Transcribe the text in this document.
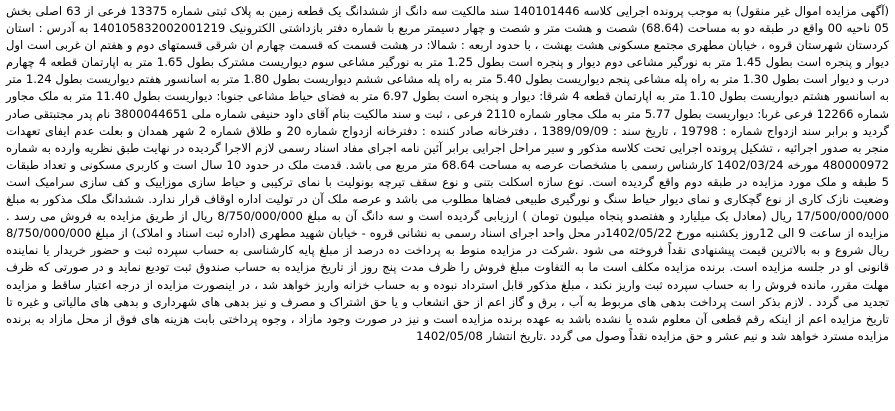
(آگهی مزایده اموال غیر منقول) به موجب پرونده اجرایی کلاسه 140101446 سند مالکیت سه دانگ از ششدانگ یک قطعه زمین به پلاک ثبتی شماره 13375 فرعی از 63 اصلی بخش 05 ناحیه 00 واقع در طبقه دو به مساحت (68.64) شصت و هشت متر و شصت و چهار دسیمتر مربع با شماره دفتر بازداشتی الکترونیک 140105832002001219 به آدرس : استان کردستان شهرستان قروه ، خیابان مطهری مجتمع مسکونی هشت بهشت ، با حدود اربعه : شمالا: در هشت قسمت که قسمت چهارم ان شرقی قسمتهای دوم و هفتم ان غربی است اول دیوار و پنجره است بطول 1.45 متر به نورگیر مشاعی دوم دیوار و پنجره است بطول 1.25 متر به نورگیر مشاعی سوم دیواریست مشترک بطول 1.65 متر به اپارتمان قطعه 4 چهارم درب و دیوار است بطول 1.30 متر به راه پله مشاعی پنجم دیواریست بطول 5.40 متر به راه پله مشاعی ششم دیواریست بطول 1.80 متر به اسانسور هفتم دیواریست بطول 1.24 متر به اسانسور هشتم دیواریست بطول 1.10 متر به اپارتمان قطعه 4 شرقا: دیوار و پنجره است بطول 6.97 متر به فضای حیاط مشاعی جنوبا: دیواریست بطول 11.40 متر به ملک مجاور شماره 12266 فرعی غربا: دیواریست بطول 5.77 متر به ملک مجاور شماره 2110 فرعی ، ثبت و سند مالکیت بنام آقای داود حنیفی شماره ملی 3800044651 نام پدر مجتبتقی صادر گردید و برابر سند ازدواج شماره : 19798 ، تاریخ سند : 1389/09/09 ، دفترخانه صادر کننده : دفترخانه ازدواج شماره 20 و طلاق شماره 2 شهر همدان و بعلت عدم ایفای تعهدات منجر به صدور اجرائیه ، تشکیل پرونده اجرایی تحت کلاسه مذکور و سیر مراحل اجرایی برابر آئین نامه اجرای مفاد اسناد رسمی لازم الاجرا گردیده در نهایت طبق نظریه وارده به شماره 480000972 مورخه 1402/03/24 کارشناس رسمی با مشخصات عرصه به مساحت 68.64 متر مربع می باشد. قدمت ملک در حدود 10 سال است و کاربری مسکونی و تعداد طبقات 5 طبقه و ملک مورد مزایده در طبقه دوم واقع گردیده است. نوع سازه اسکلت بتنی و نوع سقف تیرچه بونولیت با نمای ترکیبی و حیاط سازی موزاییک و کف سازی سرامیک است وضعیت نازک کاری از نوع گچکاری و نمای دیوار حیاط سنگ و نورگیری طبیعی فضاها مطلوب می باشد و عرصه ملک آن در تولیت اداره اوقاف قرار ندارد. ششدانگ ملک مذکور به مبلغ 17/500/000/000 ریال (معادل یک میلیارد و هفتصدو پنجاه میلیون تومان ) ارزیابی گردیده است و سه دانگ آن به مبلغ 8/750/000/000 ریال از طریق مزایده به فروش می رسد . مزایده از ساعت 9 الی 12روز یکشنبه مورخ 1402/05/22در محل واحد اجرای اسناد رسمی به نشانی قروه - خیابان شهید مطهری (اداره ثبت اسناد و املاک) از مبلغ 8/750/000/000 ریال شروع و به بالاترین قیمت پیشنهادی نقداً فروخته می شود .شرکت در مزایده منوط به پرداخت ده درصد از مبلغ پایه کارشناسی به حساب سپرده ثبت و حضور خریدار یا نماینده قانونی او در جلسه مزایده است. برنده مزایده مکلف است ما به التفاوت مبلغ فروش را ظرف مدت پنج روز از تاریخ مزایده به حساب صندوق ثبت تودیع نماید و در صورتی که ظرف مهلت مقرر، مانده فروش را به حساب سپرده ثبت واریز نکند ، مبلغ مذکور قابل استرداد نبوده و به حساب خزانه واریز خواهد شد ، در اینصورت مزایده از درجه اعتبار ساقط و مزایده تجدید می گردد . لازم بذکر است پرداخت بدهی های مربوط به آب ، برق و گاز اعم از حق انشعاب و یا حق اشتراک و مصرف و نیز بدهی های شهرداری و بدهی های مالیاتی و غیره تا تاریخ مزایده اعم از اینکه رقم قطعی آن معلوم شده یا نشده باشد به عهده برنده مزایده است و نیز در صورت وجود مازاد ، وجوه پرداختی بابت هزینه های فوق از محل مازاد به برنده مزایده مسترد خواهد شد و نیم عشر و حق مزایده نقداً وصول می گردد .تاریخ انتشار 1402/05/08
